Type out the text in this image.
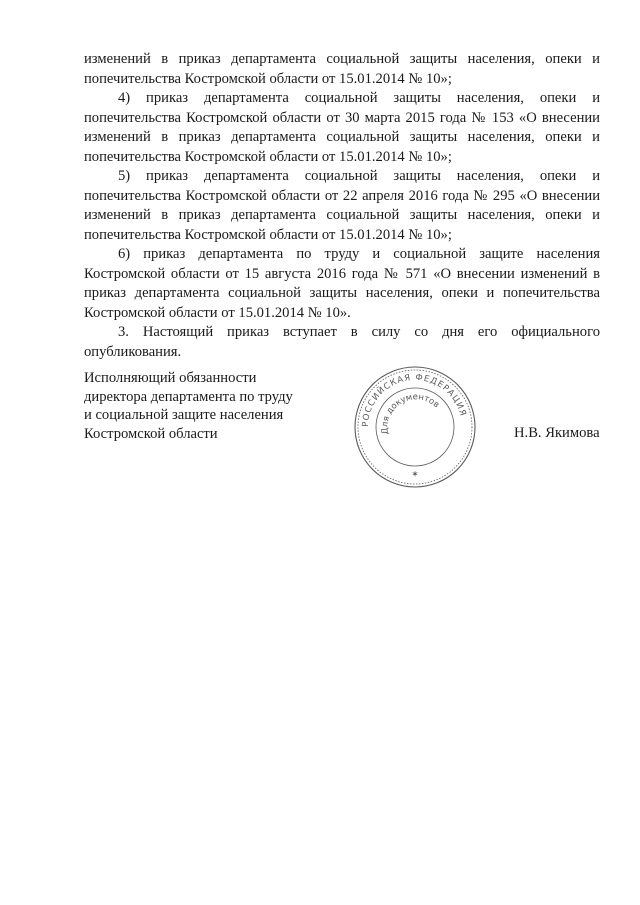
изменений в приказ департамента социальной защиты населения, опеки и попечительства Костромской области от 15.01.2014 № 10»;

4) приказ департамента социальной защиты населения, опеки и попечительства Костромской области от 30 марта 2015 года № 153 «О внесении изменений в приказ департамента социальной защиты населения, опеки и попечительства Костромской области от 15.01.2014 № 10»;

5) приказ департамента социальной защиты населения, опеки и попечительства Костромской области от 22 апреля 2016 года № 295 «О внесении изменений в приказ департамента социальной защиты населения, опеки и попечительства Костромской области от 15.01.2014 № 10»;

6) приказ департамента по труду и социальной защите населения Костромской области от 15 августа 2016 года № 571 «О внесении изменений в приказ департамента социальной защиты населения, опеки и попечительства Костромской области от 15.01.2014 № 10».

3. Настоящий приказ вступает в силу со дня его официального опубликования.

Исполняющий обязанности
директора департамента по труду
и социальной защите населения
Костромской области
РОССИЙСКАЯ ФЕДЕРАЦИЯ
Для документов
✶
Н.В. Якимова
